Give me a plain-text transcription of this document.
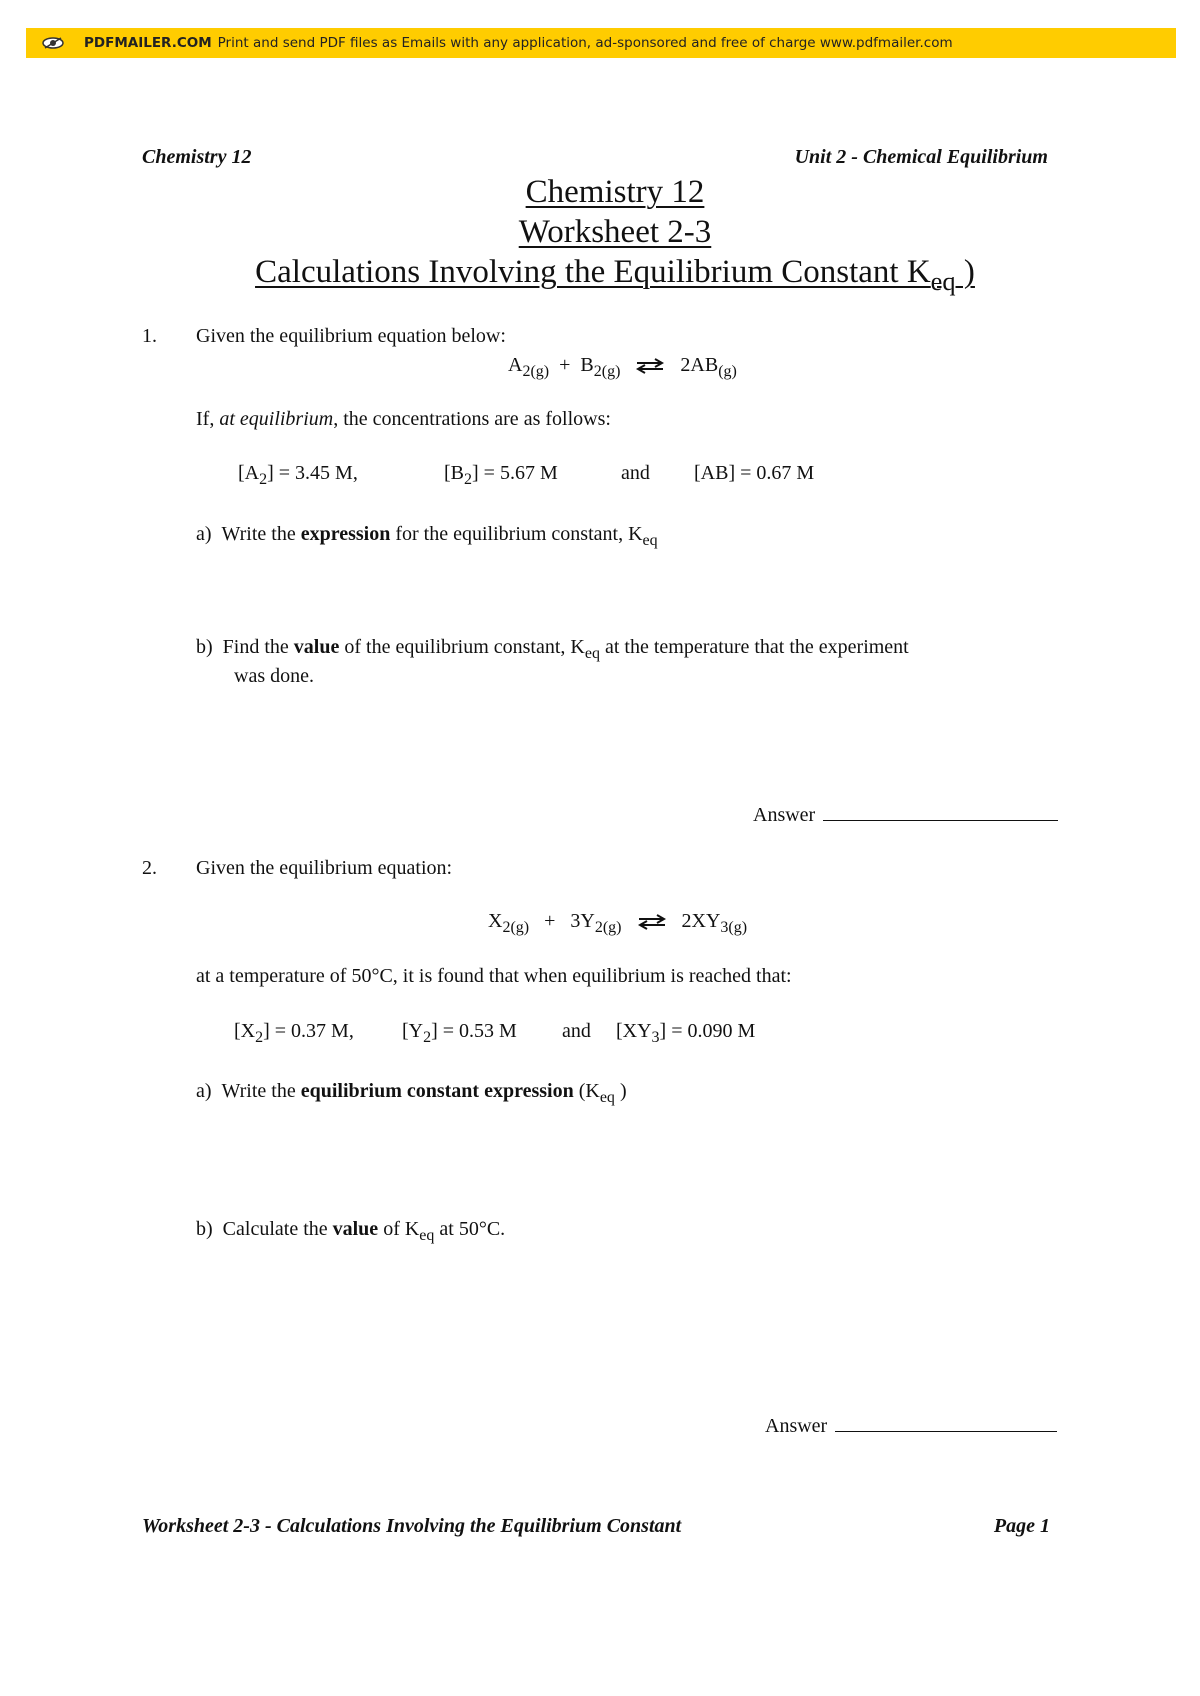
PDFMAILER.COM Print and send PDF files as Emails with any application, ad-sponsored and free of charge www.pdfmailer.com
Chemistry 12	Unit 2 - Chemical Equilibrium
Chemistry 12
Worksheet 2-3
Calculations Involving the Equilibrium Constant $K_{eq}$ )
1. Given the equilibrium equation below:
$A_{2(g)} + B_{2(g)}$ ⇌ $2AB_{(g)}$
If, at equilibrium, the concentrations are as follows:
$[A_2] = 3.45$ M,	$[B_2] = 5.67$ M	and [AB] = 0.67 M
a) Write the expression for the equilibrium constant, $K_{eq}$
b) Find the value of the equilibrium constant, $K_{eq}$ at the temperature that the experiment
was done.
Answer
2. Given the equilibrium equation:
$X_{2(g)} + 3Y_{2(g)}$ ⇌ $2XY_{3(g)}$
at a temperature of 50°C, it is found that when equilibrium is reached that:
$[X_2] = 0.37$ M, $[Y_2] = 0.53$ M and $[XY_3] = 0.090$ M
a) Write the equilibrium constant expression ($K_{eq}$ )
b) Calculate the value of $K_{eq}$ at 50°C.
Answer
Worksheet 2-3 - Calculations Involving the Equilibrium Constant	Page 1
